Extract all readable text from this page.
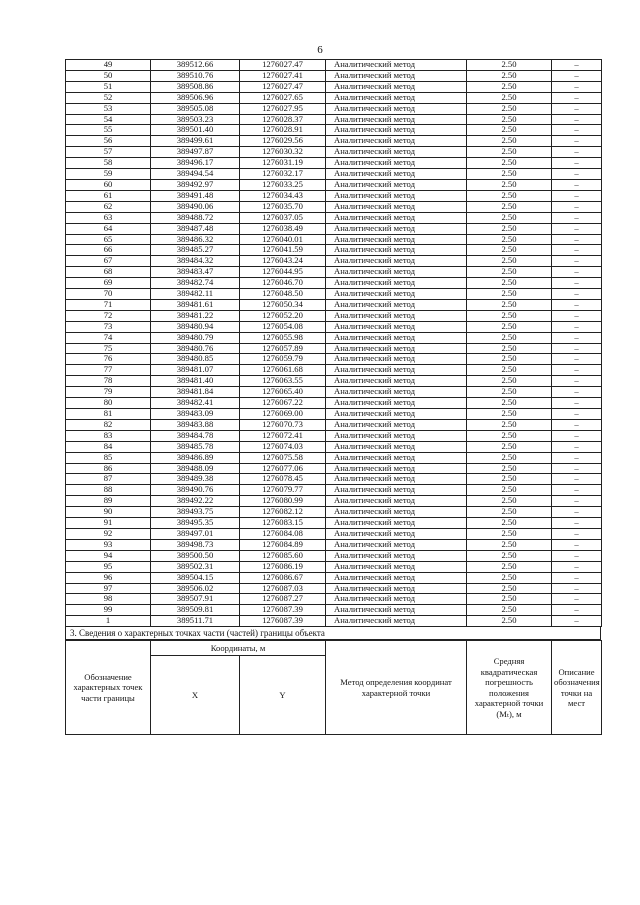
6
49	389512.66	1276027.47	Аналитический метод	2.50	–
50	389510.76	1276027.41	Аналитический метод	2.50	–
51	389508.86	1276027.47	Аналитический метод	2.50	–
52	389506.96	1276027.65	Аналитический метод	2.50	–
53	389505.08	1276027.95	Аналитический метод	2.50	–
54	389503.23	1276028.37	Аналитический метод	2.50	–
55	389501.40	1276028.91	Аналитический метод	2.50	–
56	389499.61	1276029.56	Аналитический метод	2.50	–
57	389497.87	1276030.32	Аналитический метод	2.50	–
58	389496.17	1276031.19	Аналитический метод	2.50	–
59	389494.54	1276032.17	Аналитический метод	2.50	–
60	389492.97	1276033.25	Аналитический метод	2.50	–
61	389491.48	1276034.43	Аналитический метод	2.50	–
62	389490.06	1276035.70	Аналитический метод	2.50	–
63	389488.72	1276037.05	Аналитический метод	2.50	–
64	389487.48	1276038.49	Аналитический метод	2.50	–
65	389486.32	1276040.01	Аналитический метод	2.50	–
66	389485.27	1276041.59	Аналитический метод	2.50	–
67	389484.32	1276043.24	Аналитический метод	2.50	–
68	389483.47	1276044.95	Аналитический метод	2.50	–
69	389482.74	1276046.70	Аналитический метод	2.50	–
70	389482.11	1276048.50	Аналитический метод	2.50	–
71	389481.61	1276050.34	Аналитический метод	2.50	–
72	389481.22	1276052.20	Аналитический метод	2.50	–
73	389480.94	1276054.08	Аналитический метод	2.50	–
74	389480.79	1276055.98	Аналитический метод	2.50	–
75	389480.76	1276057.89	Аналитический метод	2.50	–
76	389480.85	1276059.79	Аналитический метод	2.50	–
77	389481.07	1276061.68	Аналитический метод	2.50	–
78	389481.40	1276063.55	Аналитический метод	2.50	–
79	389481.84	1276065.40	Аналитический метод	2.50	–
80	389482.41	1276067.22	Аналитический метод	2.50	–
81	389483.09	1276069.00	Аналитический метод	2.50	–
82	389483.88	1276070.73	Аналитический метод	2.50	–
83	389484.78	1276072.41	Аналитический метод	2.50	–
84	389485.78	1276074.03	Аналитический метод	2.50	–
85	389486.89	1276075.58	Аналитический метод	2.50	–
86	389488.09	1276077.06	Аналитический метод	2.50	–
87	389489.38	1276078.45	Аналитический метод	2.50	–
88	389490.76	1276079.77	Аналитический метод	2.50	–
89	389492.22	1276080.99	Аналитический метод	2.50	–
90	389493.75	1276082.12	Аналитический метод	2.50	–
91	389495.35	1276083.15	Аналитический метод	2.50	–
92	389497.01	1276084.08	Аналитический метод	2.50	–
93	389498.73	1276084.89	Аналитический метод	2.50	–
94	389500.50	1276085.60	Аналитический метод	2.50	–
95	389502.31	1276086.19	Аналитический метод	2.50	–
96	389504.15	1276086.67	Аналитический метод	2.50	–
97	389506.02	1276087.03	Аналитический метод	2.50	–
98	389507.91	1276087.27	Аналитический метод	2.50	–
99	389509.81	1276087.39	Аналитический метод	2.50	–
1	389511.71	1276087.39	Аналитический метод	2.50	–
3. Сведения о характерных точках части (частей) границы объекта
Обозначение характерных точек части границы	Координаты, м		Метод определения координат характерной точки	Средняя квадратическая погрешность положения характерной точки (Mₜ), м	Описание обозначения точки на мест
	X	Y			
